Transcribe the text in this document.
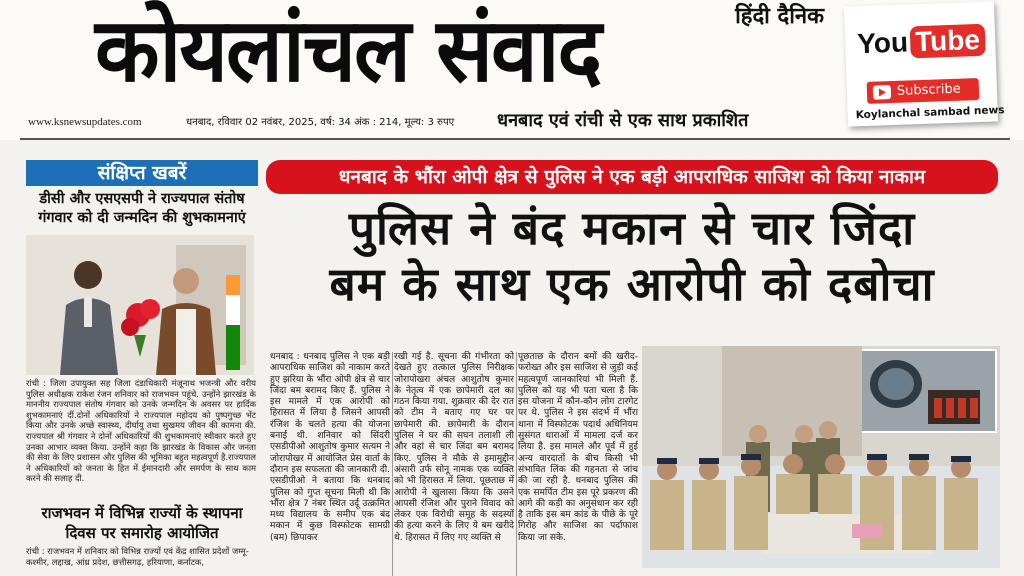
हिंदी दैनिक
कोयलांचल संवाद
www.ksnewsupdates.com	धनबाद, रविवार 02 नवंबर, 2025, वर्ष: 34 अंक : 214, मूल्य: 3 रुपए धनबाद एवं रांची से एक साथ प्रकाशित
You Tube
Subscribe
Koylanchal sambad news
संक्षिप्त खबरें
डीसी और एसएसपी ने राज्यपाल संतोष गंगवार को दी जन्मदिन की शुभकामनाएं
रांची : जिला उपायुक्त सह जिला दंडाधिकारी मंजूनाथ भजन्त्री और वरीय पुलिस अधीक्षक राकेश रंजन शनिवार को राजभवन पहुंचे. उन्होंने झारखंड के माननीय राज्यपाल संतोष गंगवार को उनके जन्मदिन के अवसर पर हार्दिक शुभकामनाएं दीं.दोनों अधिकारियों ने राज्यपाल महोदय को पुष्पगुच्छ भेंट किया और उनके अच्छे स्वास्थ्य, दीर्घायु तथा सुखमय जीवन की कामना की. राज्यपाल श्री गंगवार ने दोनों अधिकारियों की शुभकामनाएं स्वीकार करते हुए उनका आभार व्यक्त किया. उन्होंने कहा कि झारखंड के विकास और जनता की सेवा के लिए प्रशासन और पुलिस की भूमिका बहुत महत्वपूर्ण है.राज्यपाल ने अधिकारियों को जनता के हित में ईमानदारी और समर्पण के साथ काम करने की सलाह दी.
राजभवन में विभिन्न राज्यों के स्थापना दिवस पर समारोह आयोजित
रांची : राजभवन में शनिवार को विभिन्न राज्यों एवं केंद्र शासित प्रदेशों जम्मू-कश्मीर, लद्दाख, आंध्र प्रदेश, छत्तीसगढ़, हरियाणा, कर्नाटक,
धनबाद के भौंरा ओपी क्षेत्र से पुलिस ने एक बड़ी आपराधिक साजिश को किया नाकाम
पुलिस ने बंद मकान से चार जिंदा
बम के साथ एक आरोपी को दबोचा
धनबाद : धनबाद पुलिस ने एक बड़ी आपराधिक साजिश को नाकाम करते हुए झरिया के भौंरा ओपी क्षेत्र से चार जिंदा बम बरामद किए हैं. पुलिस ने इस मामले में एक आरोपी को हिरासत में लिया है जिसने आपसी रंजिश के चलते हत्या की योजना बनाई थी. शनिवार को सिंदरी एसडीपीओ आशुतोष कुमार सत्यम ने जोरापोखर में आयोजित प्रेस वार्ता के दौरान इस सफलता की जानकारी दी. एसडीपीओ ने बताया कि धनबाद पुलिस को गुप्त सूचना मिली थी कि भौंरा क्षेत्र 7 नंबर स्थित उर्दू उत्क्रमित मध्य विद्यालय के समीप एक बंद मकान में कुछ विस्फोटक सामग्री (बम) छिपाकर
रखी गई है. सूचना की गंभीरता को देखते हुए तत्काल पुलिस निरीक्षक जोरापोखरा अंचल आशुतोष कुमार के नेतृत्व में एक छापेमारी दल का गठन किया गया. शुक्रवार की देर रात को टीम ने बताए गए घर पर छापेमारी की. छापेमारी के दौरान पुलिस ने घर की सघन तलाशी ली और वहां से चार जिंदा बम बरामद किए. पुलिस ने मौके से इमामुद्दीन अंसारी उर्फ सोनू नामक एक व्यक्ति को भी हिरासत में लिया. पूछताछ में आरोपी ने खुलासा किया कि उसने आपसी रंजिश और पुराने विवाद को लेकर एक विरोधी समूह के सदस्यों की हत्या करने के लिए ये बम खरीदे थे. हिरासत में लिए गए व्यक्ति से
पूछताछ के दौरान बमों की खरीद-फरोख्त और इस साजिश से जुड़ी कई महत्वपूर्ण जानकारियां भी मिली हैं. पुलिस को यह भी पता चला है कि इस योजना में कौन-कौन लोग टारगेट पर थे. पुलिस ने इस संदर्भ में भौंरा थाना में विस्फोटक पदार्थ अधिनियम सुसंगत धाराओं में मामला दर्ज कर लिया है. इस मामले और पूर्व में हुई अन्य वारदातों के बीच किसी भी संभावित लिंक की गहनता से जांच की जा रही है. धनबाद पुलिस की एक समर्पित टीम इस पूरे प्रकरण की आगे की कड़ी का अनुसंधान कर रही है ताकि इस बम कांड के पीछे के पूरे गिरोह और साजिश का पर्दाफाश किया जा सके.
